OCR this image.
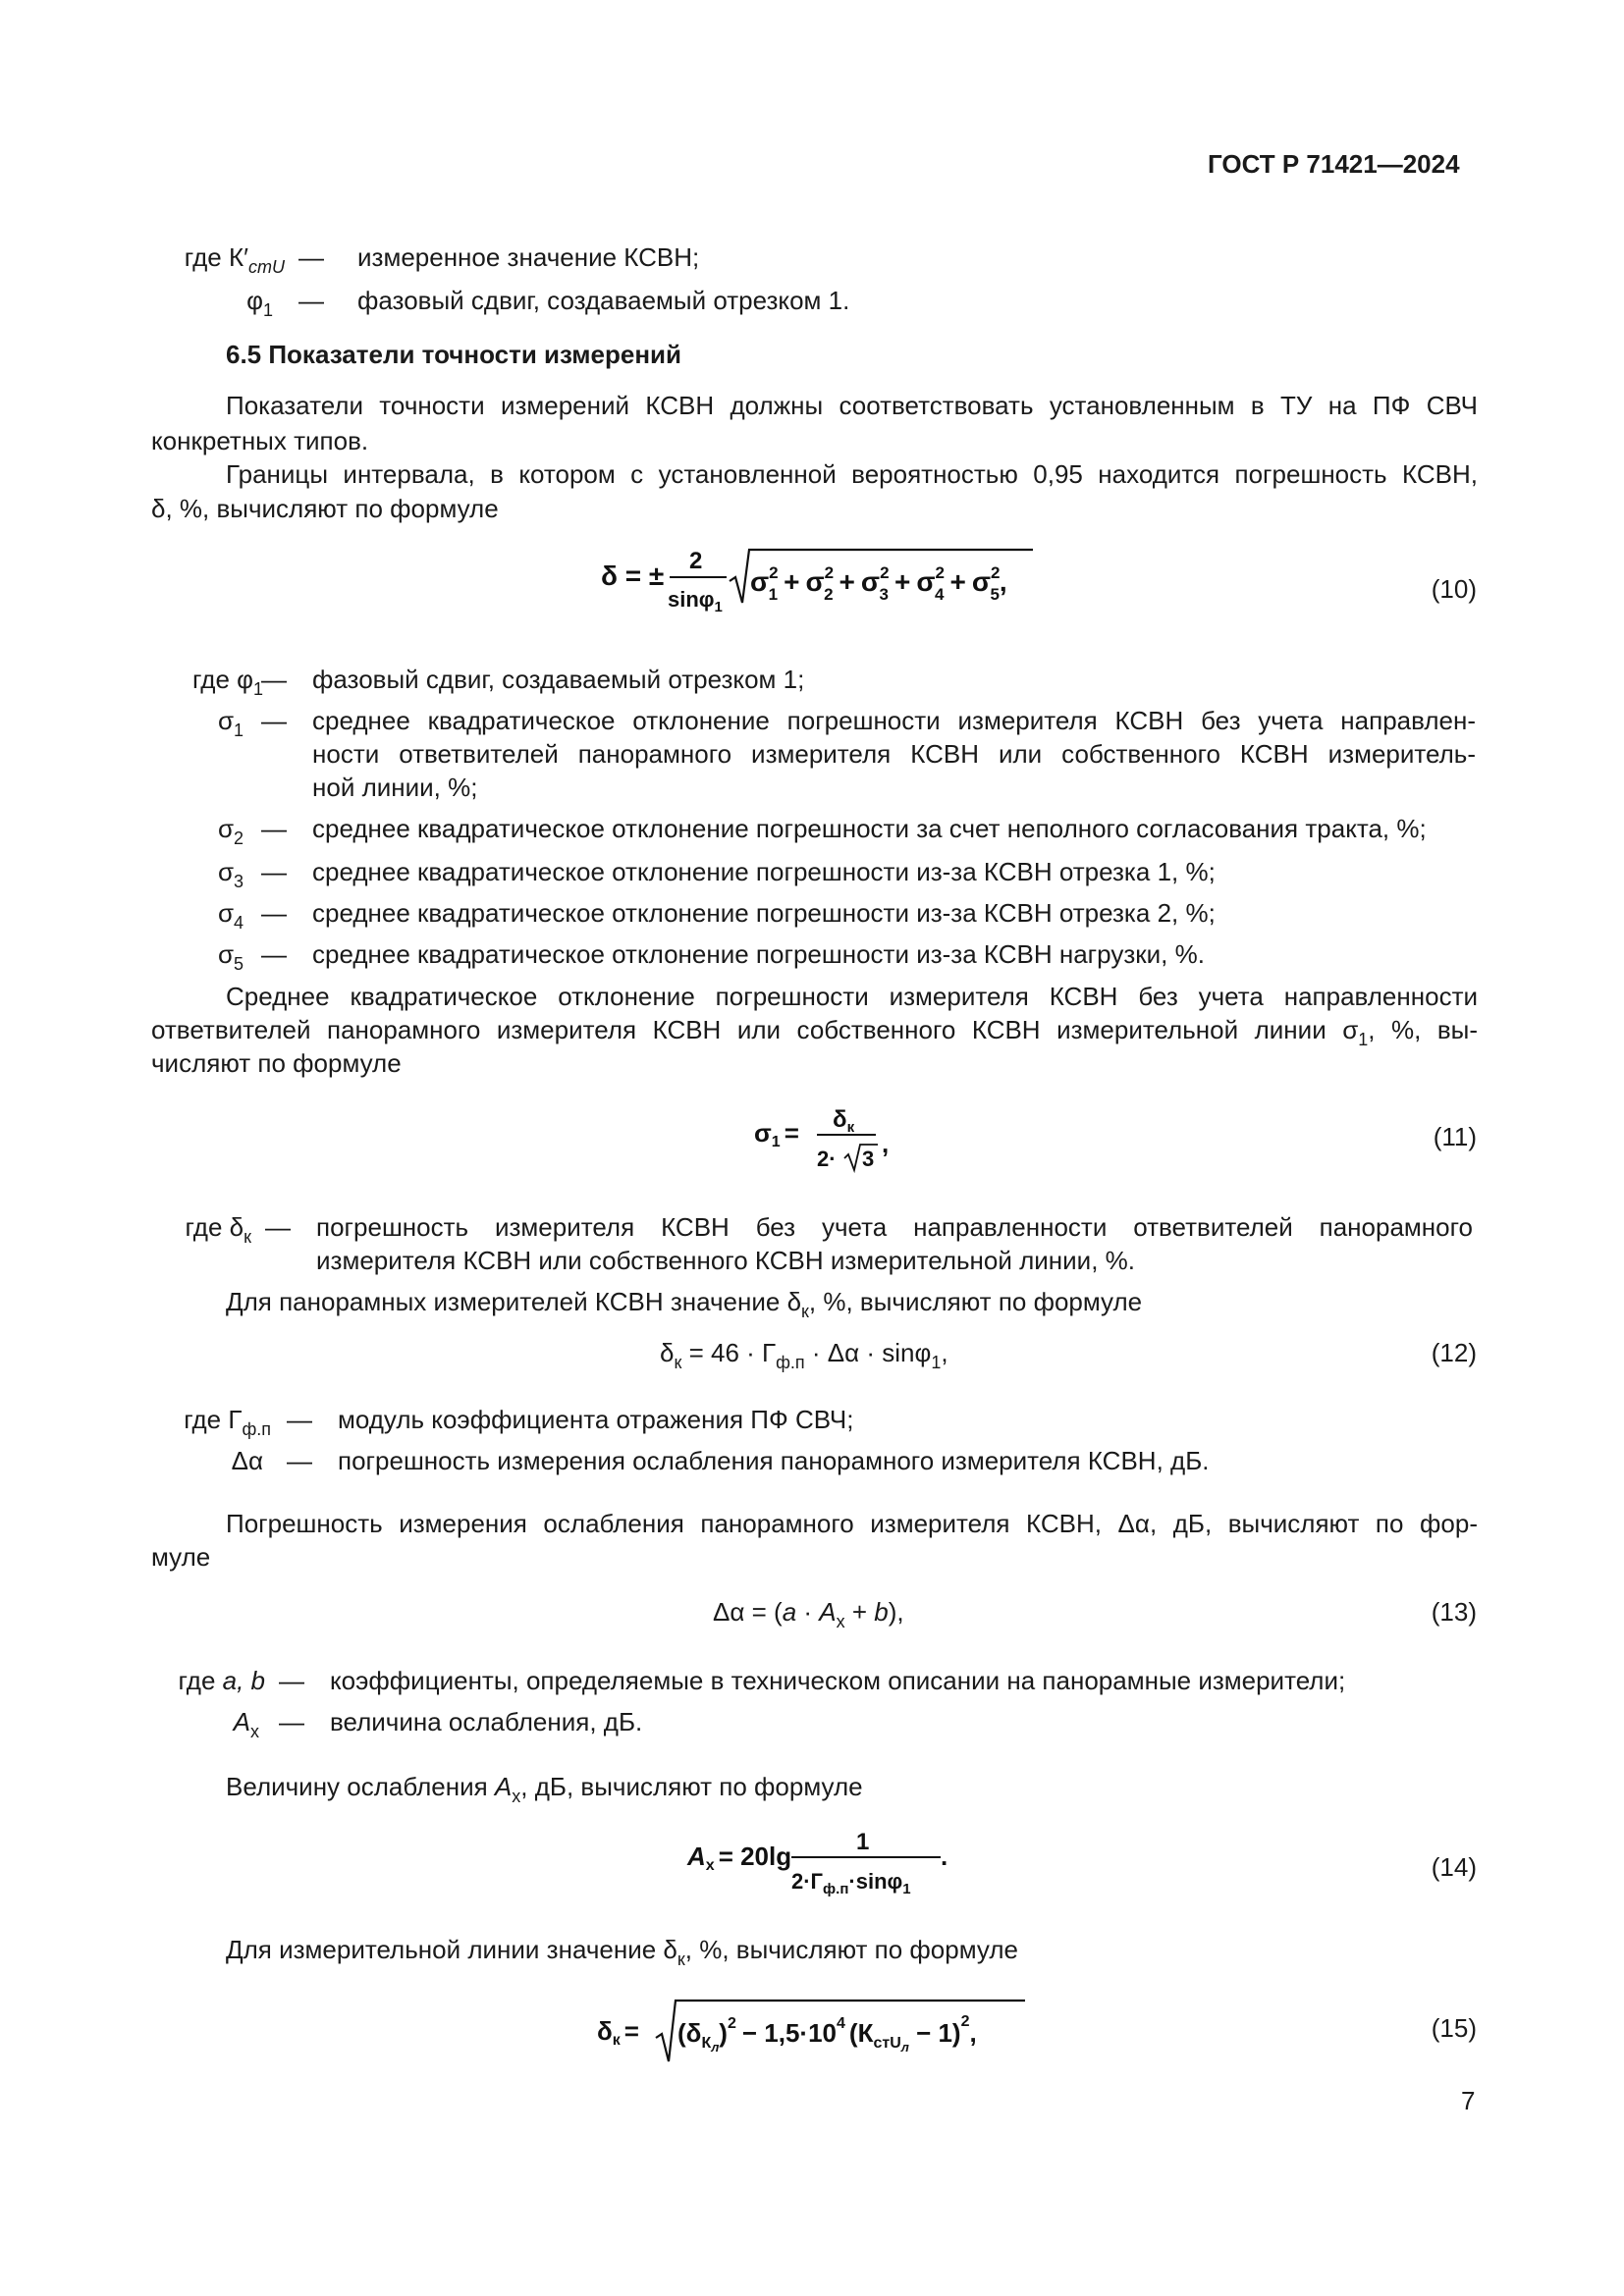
ГОСТ Р 71421—2024
где $К'_{стU}$ — измеренное значение КСВН;
$\varphi_1$ — фазовый сдвиг, создаваемый отрезком 1.
6.5 Показатели точности измерений
Показатели точности измерений КСВН должны соответствовать установленным в ТУ на ПФ СВЧ
конкретных типов.
Границы интервала, в котором с установленной вероятностью 0,95 находится погрешность КСВН,
δ, %, вычисляют по формуле
δ = ± 2
sinφ$_1$
$\sigma^2$ $1 + \sigma^2$ $2 + \sigma^2$ $3 + \sigma^2$ $4 + \sigma^2$ 5,	(10)
где $\varphi_1$
— фазовый сдвиг, создаваемый отрезком 1;
$\sigma_1$ — среднее квадратическое отклонение погрешности измерителя КСВН без учета направлен-
ности ответвителей панорамного измерителя КСВН или собственного КСВН измеритель-
ной линии, %;
$\sigma_2$ — среднее квадратическое отклонение погрешности за счет неполного согласования тракта, %;
$\sigma_3$ — среднее квадратическое отклонение погрешности из-за КСВН отрезка 1, %;
$\sigma_4$ — среднее квадратическое отклонение погрешности из-за КСВН отрезка 2, %;
$\sigma_5$ — среднее квадратическое отклонение погрешности из-за КСВН нагрузки, %.
Среднее квадратическое отклонение погрешности измерителя КСВН без учета направленности
ответвителей панорамного измерителя КСВН или собственного КСВН измерительной линии $\sigma_1$, %, вы-
числяют по формуле
$\sigma 1 = \delta_к$
2· 3
,	(11)
где $\delta_к$ — погрешность измерителя КСВН без учета направленности ответвителей панорамного
измерителя КСВН или собственного КСВН измерительной линии, %.
Для панорамных измерителей КСВН значение $\delta_к$, %, вычисляют по формуле
$\delta_к = 46 \cdot Г_{ф.п} \cdot \Delta\alpha \cdot \sin\varphi_1$,	(12)
где $Г_{ф.п}$ — модуль коэффициента отражения ПФ СВЧ;
Δα — погрешность измерения ослабления панорамного измерителя КСВН, дБ.
Погрешность измерения ослабления панорамного измерителя КСВН, Δα, дБ, вычисляют по фор-
муле
$\Delta\alpha = (a \cdot A_x + b)$,	(13)
где a, b — коэффициенты, определяемые в техническом описании на панорамные измерители;
$A_x$ — величина ослабления, дБ.
Величину ослабления $A_x$, дБ, вычисляют по формуле
Ax = 20lg	1
$2\cdot Г_{ф.п}\cdot\sin\varphi_1$
.	(14)
Для измерительной линии значение $\delta_к$, %, вычисляют по формуле
$\delta к = (\delta_Кл)^2 - 1,5\cdot 10^4$ $(К_{стU}л - 1)^2$,	(15)
7
